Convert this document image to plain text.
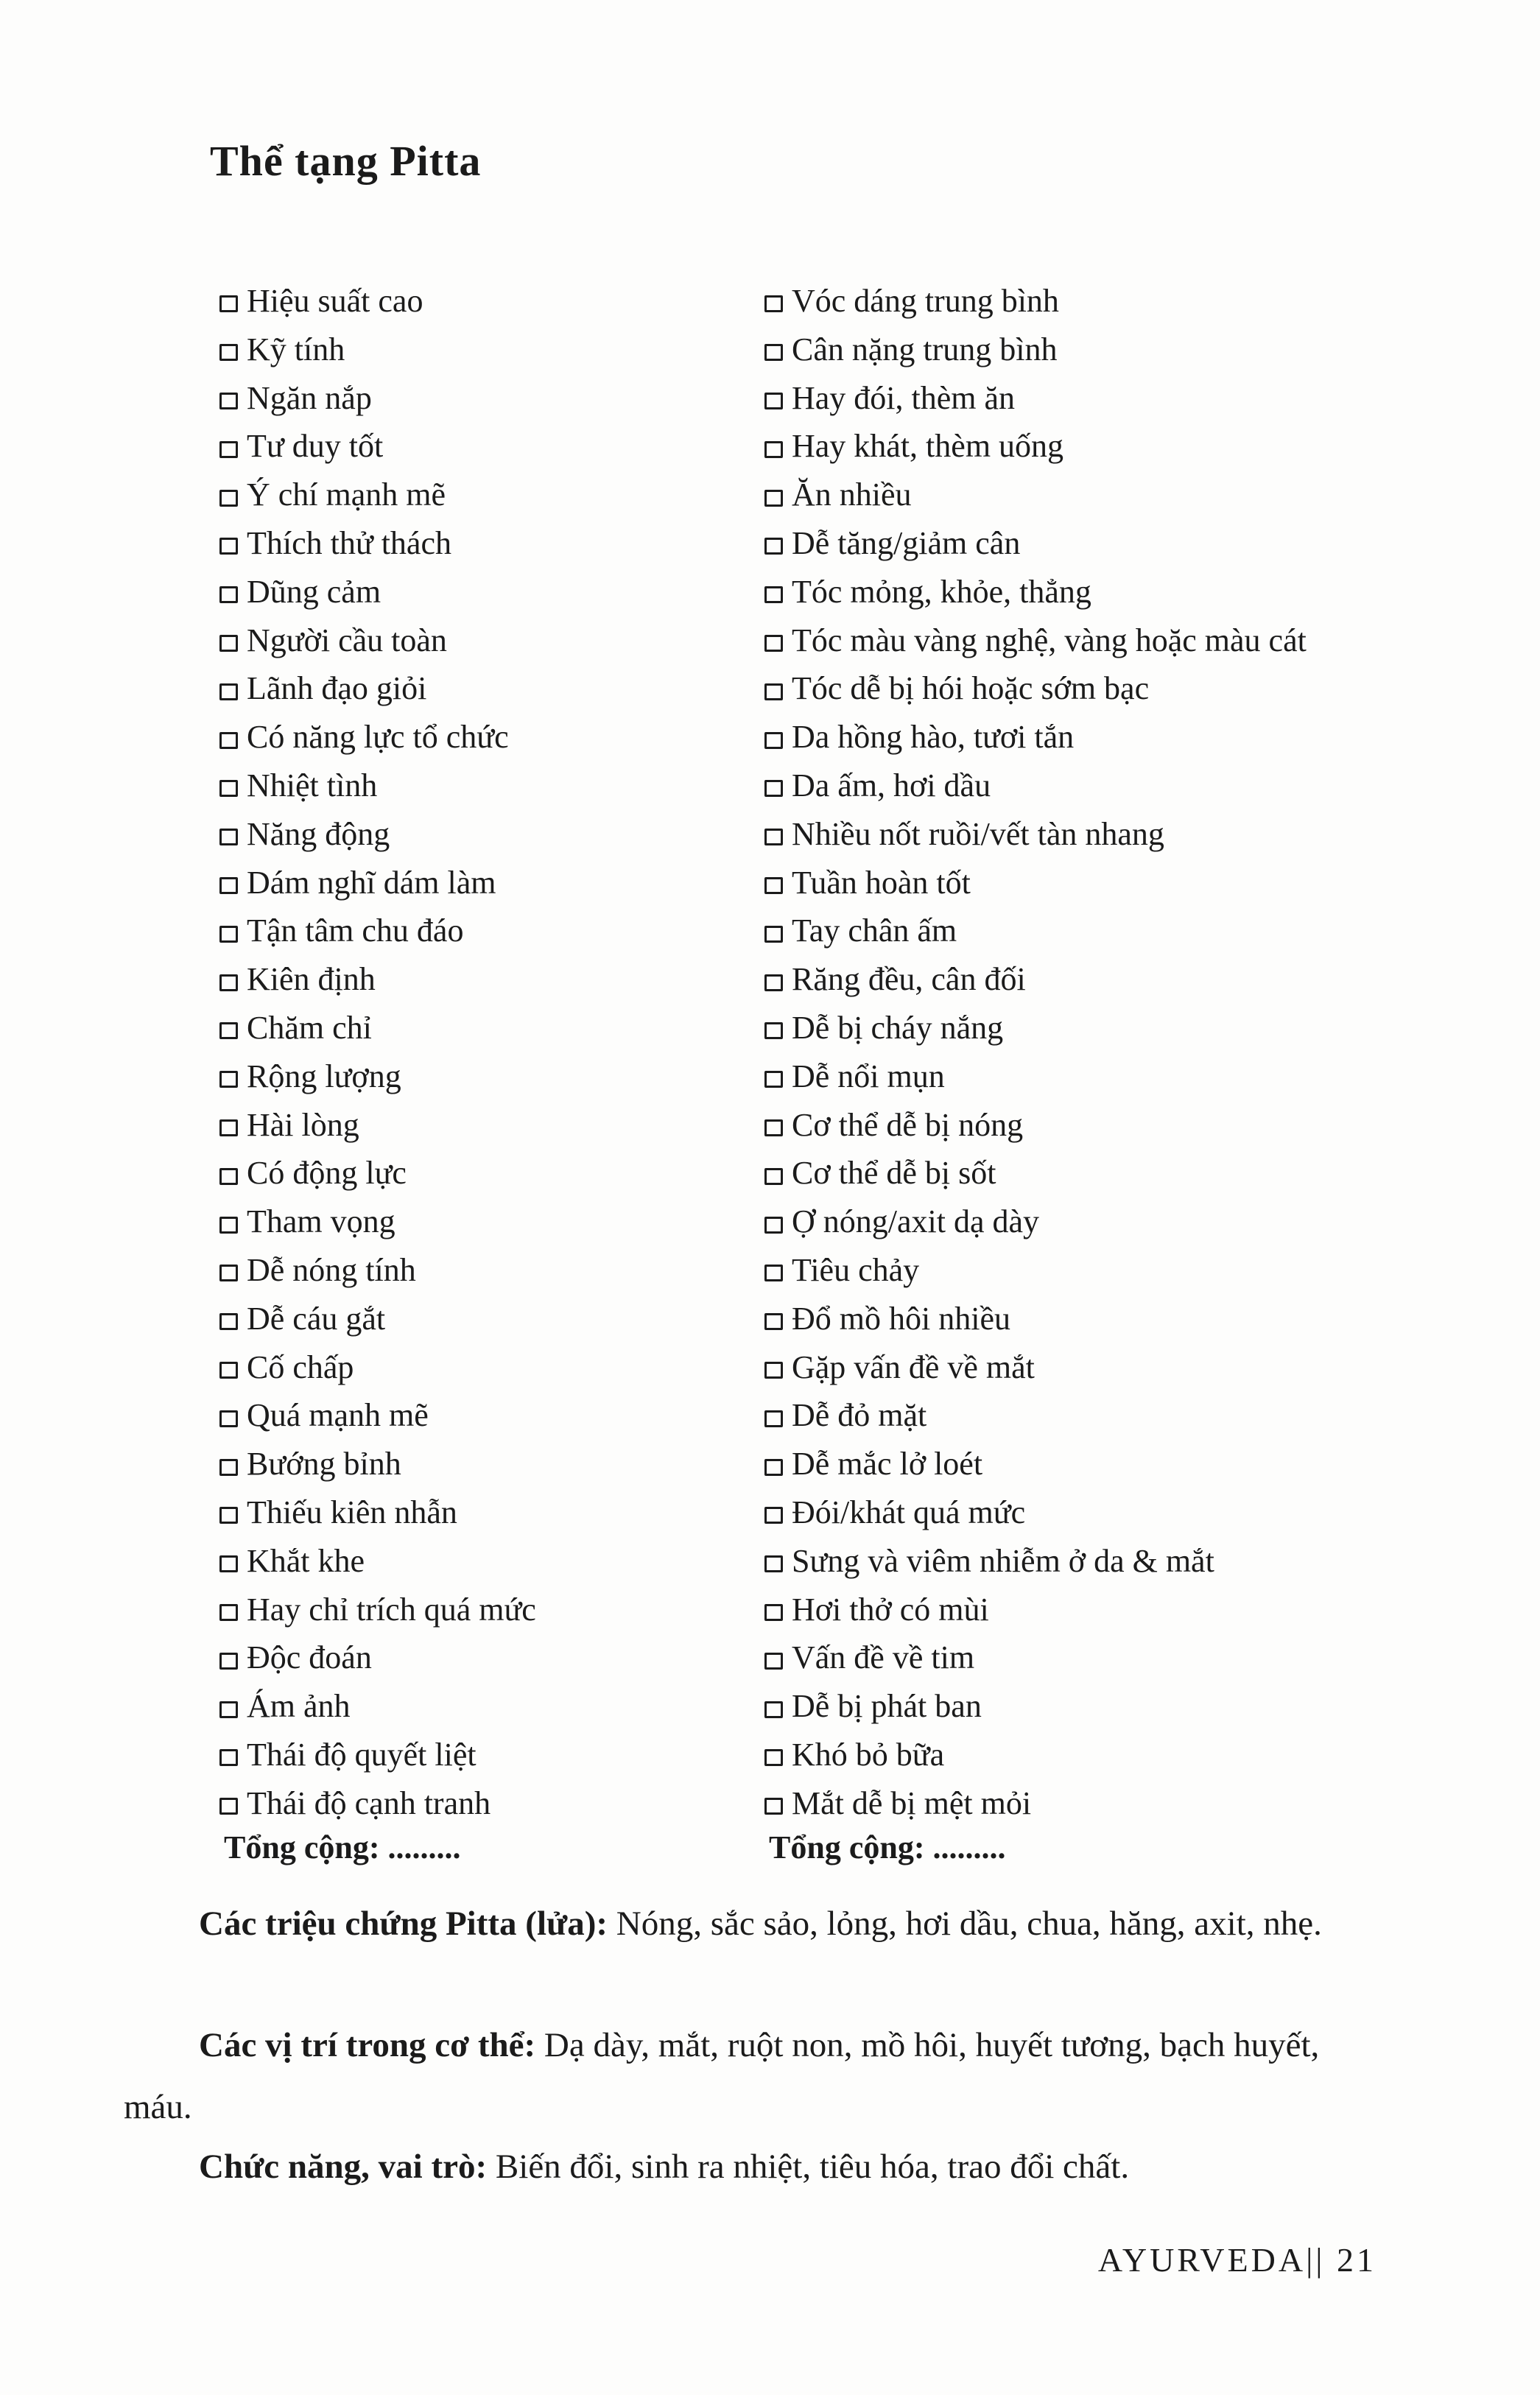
Thể tạng Pitta
Hiệu suất cao
Kỹ tính
Ngăn nắp
Tư duy tốt
Ý chí mạnh mẽ
Thích thử thách
Dũng cảm
Người cầu toàn
Lãnh đạo giỏi
Có năng lực tổ chức
Nhiệt tình
Năng động
Dám nghĩ dám làm
Tận tâm chu đáo
Kiên định
Chăm chỉ
Rộng lượng
Hài lòng
Có động lực
Tham vọng
Dễ nóng tính
Dễ cáu gắt
Cố chấp
Quá mạnh mẽ
Bướng bỉnh
Thiếu kiên nhẫn
Khắt khe
Hay chỉ trích quá mức
Độc đoán
Ám ảnh
Thái độ quyết liệt
Thái độ cạnh tranh
Vóc dáng trung bình
Cân nặng trung bình
Hay đói, thèm ăn
Hay khát, thèm uống
Ăn nhiều
Dễ tăng/giảm cân
Tóc mỏng, khỏe, thẳng
Tóc màu vàng nghệ, vàng hoặc màu cát
Tóc dễ bị hói hoặc sớm bạc
Da hồng hào, tươi tắn
Da ấm, hơi dầu
Nhiều nốt ruồi/vết tàn nhang
Tuần hoàn tốt
Tay chân ấm
Răng đều, cân đối
Dễ bị cháy nắng
Dễ nổi mụn
Cơ thể dễ bị nóng
Cơ thể dễ bị sốt
Ợ nóng/axit dạ dày
Tiêu chảy
Đổ mồ hôi nhiều
Gặp vấn đề về mắt
Dễ đỏ mặt
Dễ mắc lở loét
Đói/khát quá mức
Sưng và viêm nhiễm ở da & mắt
Hơi thở có mùi
Vấn đề về tim
Dễ bị phát ban
Khó bỏ bữa
Mắt dễ bị mệt mỏi
Tổng cộng: .........	Tổng cộng: .........

Các triệu chứng Pitta (lửa): Nóng, sắc sảo, lỏng, hơi dầu, chua, hăng, axit, nhẹ.

Các vị trí trong cơ thể: Dạ dày, mắt, ruột non, mồ hôi, huyết tương, bạch huyết, máu.

Chức năng, vai trò: Biến đổi, sinh ra nhiệt, tiêu hóa, trao đổi chất.

AYURVEDA|| 21
